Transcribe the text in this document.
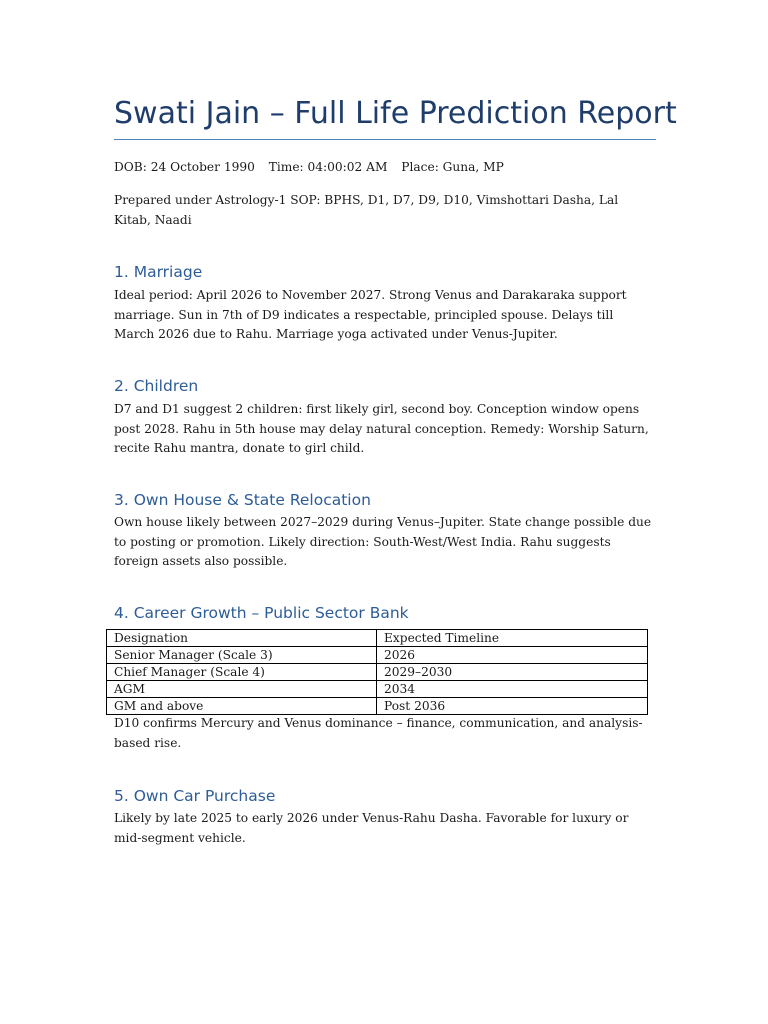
Swati Jain – Full Life Prediction Report
DOB: 24 October 1990 Time: 04:00:02 AM Place: Guna, MP
Prepared under Astrology-1 SOP: BPHS, D1, D7, D9, D10, Vimshottari Dasha, Lal Kitab, Naadi
1. Marriage
Ideal period: April 2026 to November 2027. Strong Venus and Darakaraka support marriage. Sun in 7th of D9 indicates a respectable, principled spouse. Delays till March 2026 due to Rahu. Marriage yoga activated under Venus-Jupiter.
2. Children
D7 and D1 suggest 2 children: first likely girl, second boy. Conception window opens post 2028. Rahu in 5th house may delay natural conception. Remedy: Worship Saturn, recite Rahu mantra, donate to girl child.
3. Own House & State Relocation
Own house likely between 2027–2029 during Venus–Jupiter. State change possible due to posting or promotion. Likely direction: South-West/West India. Rahu suggests foreign assets also possible.
4. Career Growth – Public Sector Bank
Designation	Expected Timeline
Senior Manager (Scale 3)	2026
Chief Manager (Scale 4)	2029–2030
AGM	2034
GM and above	Post 2036
D10 confirms Mercury and Venus dominance – finance, communication, and analysis-based rise.
5. Own Car Purchase
Likely by late 2025 to early 2026 under Venus-Rahu Dasha. Favorable for luxury or mid-segment vehicle.
